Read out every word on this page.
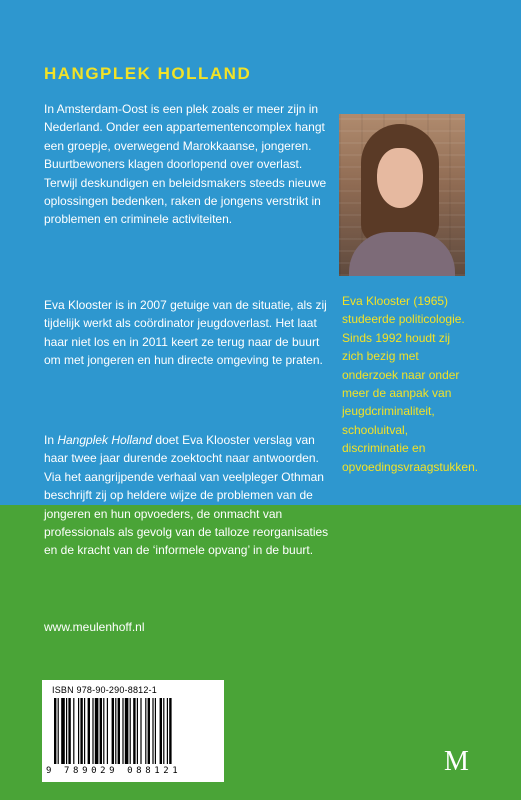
HANGPLEK HOLLAND

In Amsterdam-Oost is een plek zoals er meer zijn in Nederland. Onder een appartementencomplex hangt een groepje, overwegend Marokkaanse, jongeren. Buurtbewoners klagen doorlopend over overlast. Terwijl deskundigen en beleidsmakers steeds nieuwe oplossingen bedenken, raken de jongens verstrikt in problemen en criminele activiteiten.

Eva Klooster is in 2007 getuige van de situatie, als zij tijdelijk werkt als coördinator jeugdoverlast. Het laat haar niet los en in 2011 keert ze terug naar de buurt om met jongeren en hun directe omgeving te praten.

In Hangplek Holland doet Eva Klooster verslag van haar twee jaar durende zoektocht naar antwoorden. Via het aangrijpende verhaal van veelpleger Othman beschrijft zij op heldere wijze de problemen van de jongeren en hun opvoeders, de onmacht van professionals als gevolg van de talloze reorganisaties en de kracht van de ‘informele opvang’ in de buurt.

Eva Klooster (1965) studeerde politicologie. Sinds 1992 houdt zij zich bezig met onderzoek naar onder meer de aanpak van jeugdcriminaliteit, schooluitval, discriminatie en opvoedingsvraagstukken.

www.meulenhoff.nl
ISBN 978-90-290-8812-1
9 789029 088121	M
